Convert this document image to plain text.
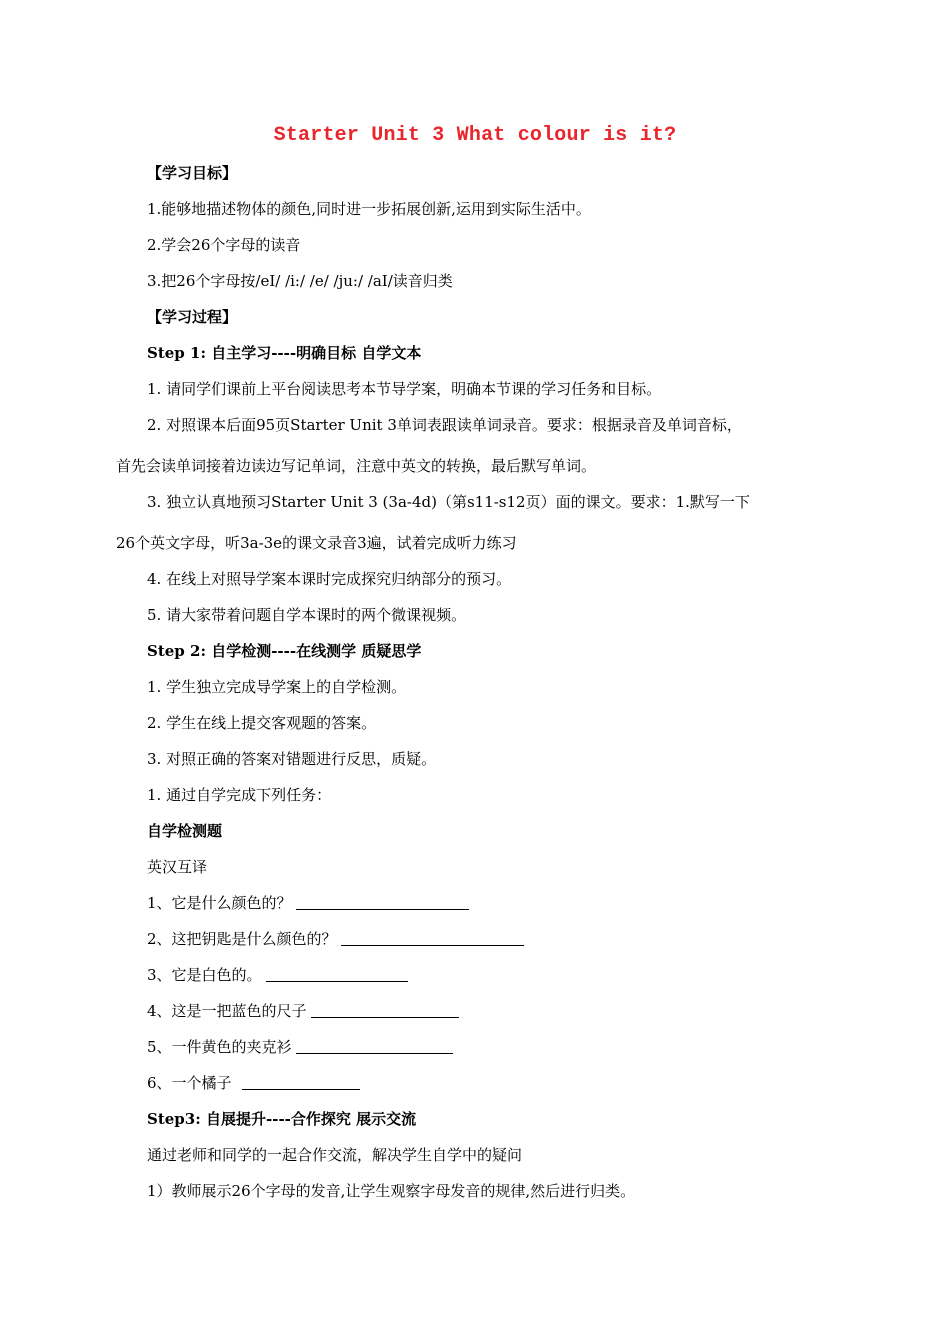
Starter Unit 3 What colour is it?
【学习目标】
1.能够地描述物体的颜色,同时进一步拓展创新,运用到实际生活中。
2.学会26个字母的读音
3.把26个字母按/eI/ /i:/ /e/ /ju:/ /aI/读音归类
【学习过程】
Step 1: 自主学习----明确目标 自学文本
1. 请同学们课前上平台阅读思考本节导学案，明确本节课的学习任务和目标。
2. 对照课本后面95页Starter Unit 3单词表跟读单词录音。要求：根据录音及单词音标，
首先会读单词接着边读边写记单词，注意中英文的转换，最后默写单词。
3. 独立认真地预习Starter Unit 3 (3a-4d)（第s11-s12页）面的课文。要求：1.默写一下
26个英文字母，听3a-3e的课文录音3遍，试着完成听力练习
4. 在线上对照导学案本课时完成探究归纳部分的预习。
5. 请大家带着问题自学本课时的两个微课视频。
Step 2: 自学检测----在线测学 质疑思学
1. 学生独立完成导学案上的自学检测。
2. 学生在线上提交客观题的答案。
3. 对照正确的答案对错题进行反思，质疑。
1. 通过自学完成下列任务：
自学检测题
英汉互译
1、它是什么颜色的？
2、这把钥匙是什么颜色的？
3、它是白色的。
4、这是一把蓝色的尺子
5、一件黄色的夹克衫
6、一个橘子
Step3: 自展提升----合作探究 展示交流
通过老师和同学的一起合作交流，解决学生自学中的疑问
1）教师展示26个字母的发音,让学生观察字母发音的规律,然后进行归类。
